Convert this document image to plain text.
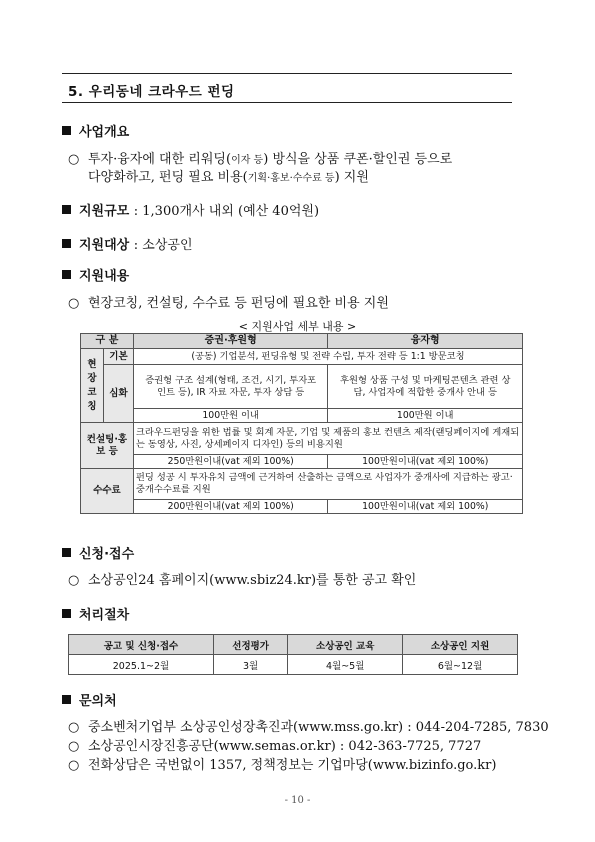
5. 우리동네 크라우드 펀딩
사업개요
○ 투자·융자에 대한 리워딩(이자 등) 방식을 상품 쿠폰·할인권 등으로
다양화하고, 펀딩 필요 비용(기획·홍보·수수료 등) 지원
지원규모 : 1,300개사 내외 (예산 40억원)
지원대상 : 소상공인
지원내용
○ 현장코칭, 컨설팅, 수수료 등 펀딩에 필요한 비용 지원
< 지원사업 세부 내용 >
구 분		증권·후원형	융자형
현장코칭	기본	(공동) 기업분석, 펀딩유형 및 전략 수립, 투자 전략 등 1:1 방문코칭	
	심화	증권형 구조 설계(형태, 조건, 시기, 투자포인트 등), IR 자료 자문, 투자 상담 등	후원형 상품 구성 및 마케팅콘텐츠 관련 상담, 사업자에 적합한 중개사 안내 등
		100만원 이내	100만원 이내
컨설팅·홍보 등		크라우드펀딩을 위한 법률 및 회계 자문, 기업 및 제품의 홍보 컨텐츠 제작(랜딩페이지에 게재되는 동영상, 사진, 상세페이지 디자인) 등의 비용지원	
		250만원이내(vat 제외 100%)	100만원이내(vat 제외 100%)
수수료		펀딩 성공 시 투자유치 금액에 근거하여 산출하는 금액으로 사업자가 중개사에 지급하는 광고·중개수수료를 지원	
		200만원이내(vat 제외 100%)	100만원이내(vat 제외 100%)
신청·접수
○ 소상공인24 홈페이지(www.sbiz24.kr)를 통한 공고 확인
처리절차
공고 및 신청·접수	선정평가	소상공인 교육	소상공인 지원
2025.1~2월	3월	4월~5월	6월~12월
문의처
○ 중소벤처기업부 소상공인성장촉진과(www.mss.go.kr) : 044-204-7285, 7830
○ 소상공인시장진흥공단(www.semas.or.kr) : 042-363-7725, 7727
○ 전화상담은 국번없이 1357, 정책정보는 기업마당(www.bizinfo.go.kr)
- 10 -
